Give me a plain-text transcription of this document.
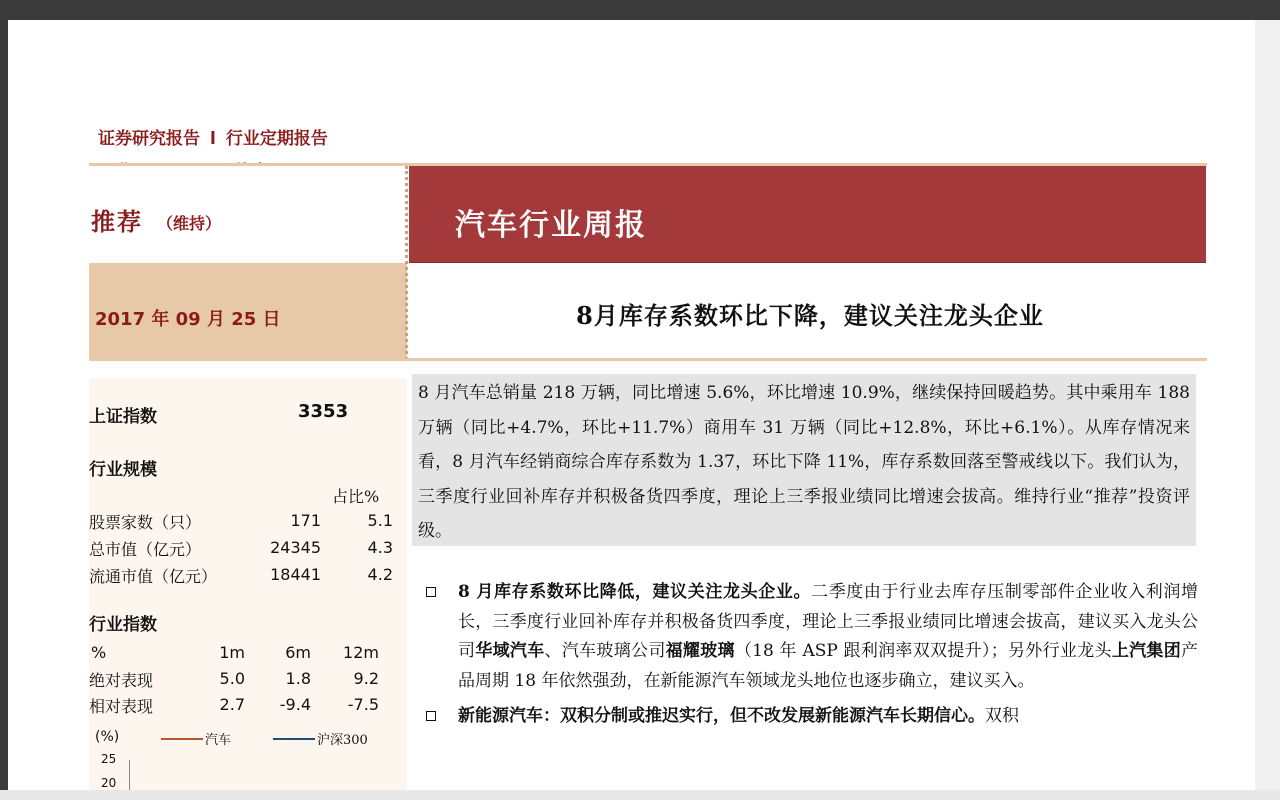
证券研究报告 l 行业定期报告
推荐 （维持）	汽车行业周报
2017 年 09 月 25 日	8月库存系数环比下降，建议关注龙头企业
上证指数	3353
行业规模
占比%
股票家数（只）	171	5.1
总市值（亿元）	24345	4.3
流通市值（亿元）	18441	4.2
行业指数
%	1m	6m 12m
绝对表现	5.0	1.8	9.2
相对表现	2.7 -9.4	-7.5
(%)	汽车	沪深300
25
20
8 月汽车总销量 218 万辆，同比增速 5.6%，环比增速 10.9%，继续保持回暖趋势。其中乘用车 188 万辆（同比+4.7%，环比+11.7%）商用车 31 万辆（同比+12.8%，环比+6.1%）。从库存情况来看，8 月汽车经销商综合库存系数为 1.37，环比下降 11%，库存系数回落至警戒线以下。我们认为，三季度行业回补库存并积极备货四季度，理论上三季报业绩同比增速会拔高。维持行业“推荐”投资评级。
8 月库存系数环比降低，建议关注龙头企业。二季度由于行业去库存压制零部件企业收入利润增长，三季度行业回补库存并积极备货四季度，理论上三季报业绩同比增速会拔高，建议买入龙头公司华域汽车、汽车玻璃公司福耀玻璃（18 年 ASP 跟利润率双双提升）；另外行业龙头上汽集团产品周期 18 年依然强劲，在新能源汽车领域龙头地位也逐步确立，建议买入。
新能源汽车：双积分制或推迟实行，但不改发展新能源汽车长期信心。双积
